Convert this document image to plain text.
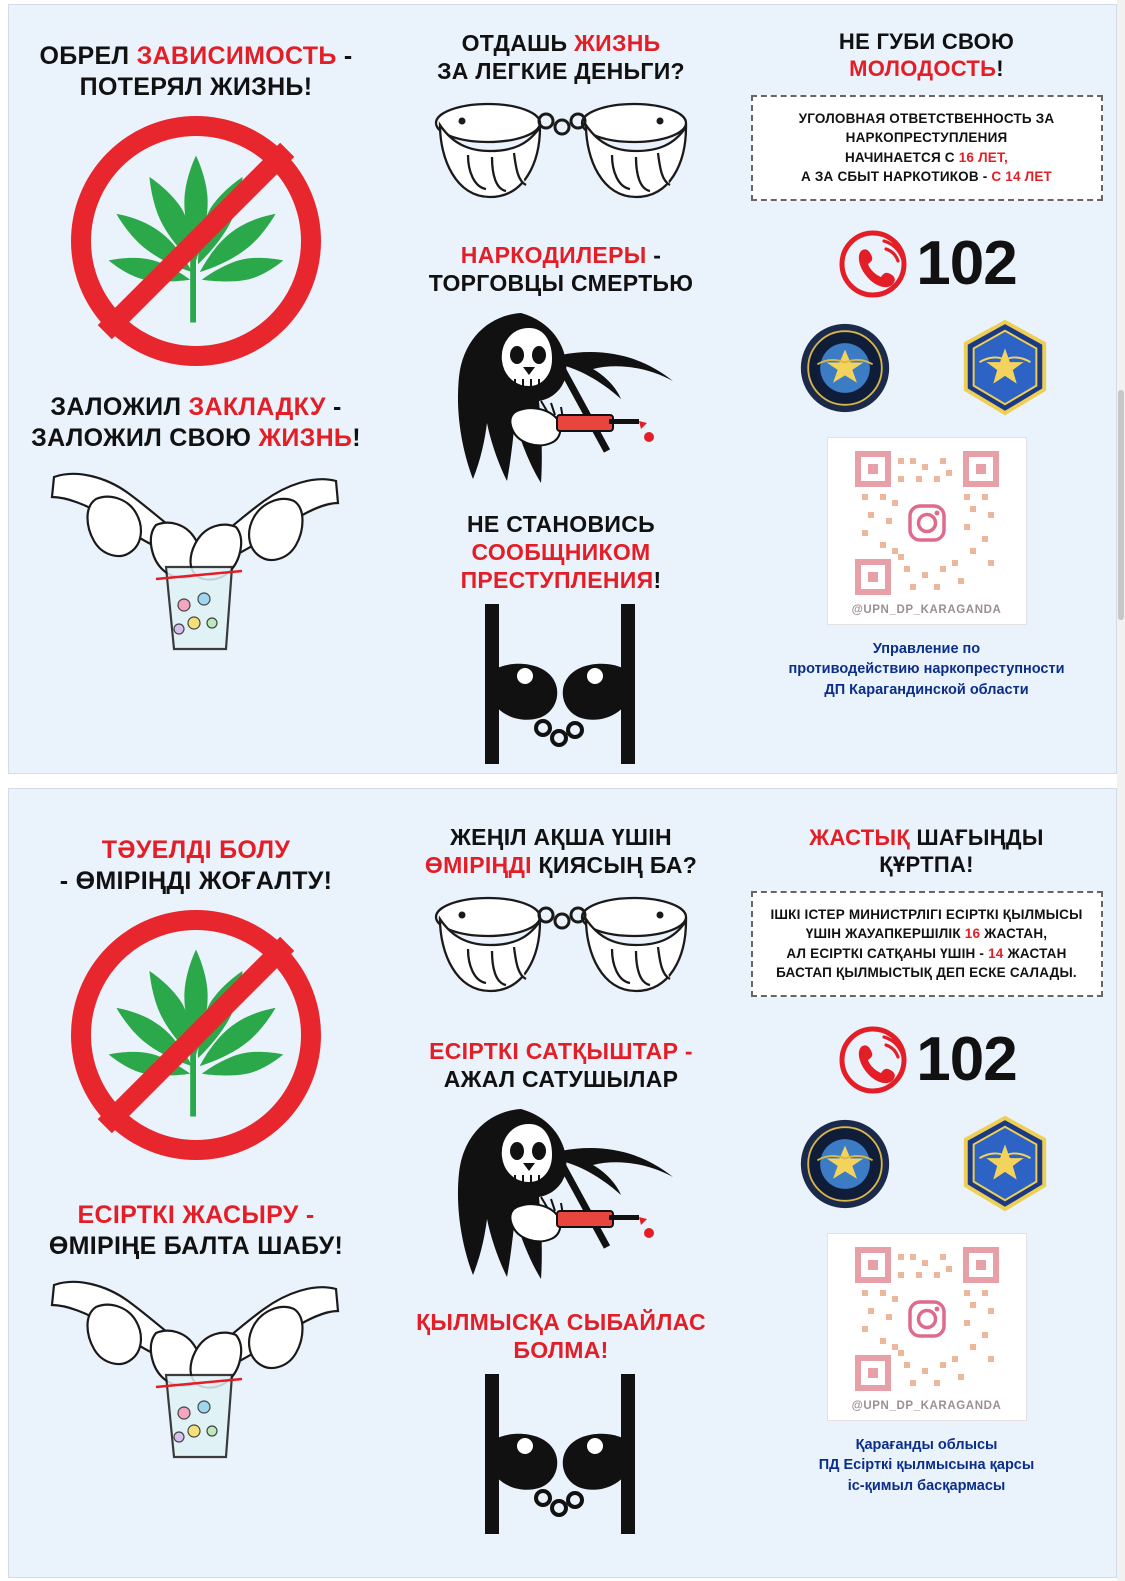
ОБРЕЛ ЗАВИСИМОСТЬ -
ПОТЕРЯЛ ЖИЗНЬ!
ЗАЛОЖИЛ ЗАКЛАДКУ -
ЗАЛОЖИЛ СВОЮ ЖИЗНЬ!
ОТДАШЬ ЖИЗНЬ
ЗА ЛЕГКИЕ ДЕНЬГИ?
НАРКОДИЛЕРЫ -
ТОРГОВЦЫ СМЕРТЬЮ
НЕ СТАНОВИСЬ
СООБЩНИКОМ ПРЕСТУПЛЕНИЯ!
НЕ ГУБИ СВОЮ
МОЛОДОСТЬ!
УГОЛОВНАЯ ОТВЕТСТВЕННОСТЬ ЗА
НАРКОПРЕСТУПЛЕНИЯ
НАЧИНАЕТСЯ С 16 ЛЕТ,
А ЗА СБЫТ НАРКОТИКОВ - С 14 ЛЕТ
102
@UPN_DP_KARAGANDA
Управление по
противодействию наркопреступности
ДП Карагандинской области
ТӘУЕЛДІ БОЛУ
- ӨМІРІҢДІ ЖОҒАЛТУ!
ЕСІРТКІ ЖАСЫРУ -
ӨМІРІҢЕ БАЛТА ШАБУ!
ЖЕҢІЛ АҚША ҮШІН
ӨМІРІҢДІ ҚИЯСЫҢ БА?
ЕСІРТКІ САТҚЫШТАР -
АЖАЛ САТУШЫЛАР
ҚЫЛМЫСҚА СЫБАЙЛАС
БОЛМА!
ЖАСТЫҚ ШАҒЫҢДЫ
ҚҰРТПА!
ІШКІ ІСТЕР МИНИСТРЛІГІ ЕСІРТКІ ҚЫЛМЫСЫ
ҮШІН ЖАУАПКЕРШІЛІК 16 ЖАСТАН,
АЛ ЕСІРТКІ САТҚАНЫ ҮШІН - 14 ЖАСТАН
БАСТАП ҚЫЛМЫСТЫҚ ДЕП ЕСКЕ САЛАДЫ.
102
@UPN_DP_KARAGANDA
Қарағанды облысы
ПД Есірткі қылмысына қарсы
іс-қимыл басқармасы
